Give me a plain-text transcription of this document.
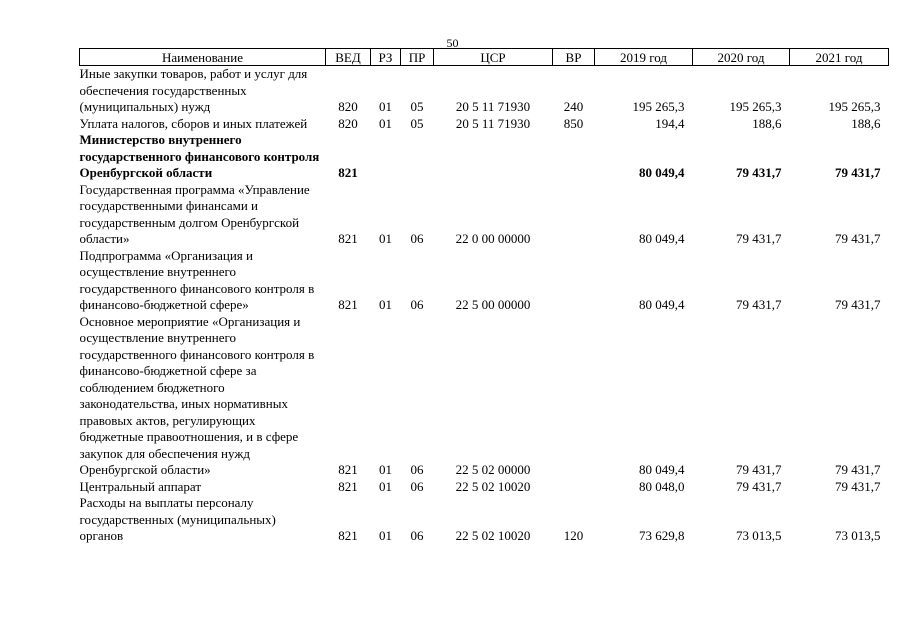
50
Наименование	ВЕД	РЗ	ПР	ЦСР	ВР	2019 год	2020 год	2021 год
Иные закупки товаров, работ и услуг для обеспечения государственных (муниципальных) нужд	820	01	05	20 5 11 71930	240	195 265,3	195 265,3	195 265,3
Уплата налогов, сборов и иных платежей	820	01	05	20 5 11 71930	850	194,4	188,6	188,6
Министерство внутреннего государственного финансового контроля Оренбургской области	821					80 049,4	79 431,7	79 431,7
Государственная программа «Управление государственными финансами и государственным долгом Оренбургской области»	821	01	06	22 0 00 00000		80 049,4	79 431,7	79 431,7
Подпрограмма «Организация и осуществление внутреннего государственного финансового контроля в финансово-бюджетной сфере»	821	01	06	22 5 00 00000		80 049,4	79 431,7	79 431,7
Основное мероприятие «Организация и осуществление внутреннего государственного финансового контроля в финансово-бюджетной сфере за соблюдением бюджетного законодательства, иных нормативных правовых актов, регулирующих бюджетные правоотношения, и в сфере закупок для обеспечения нужд Оренбургской области»	821	01	06	22 5 02 00000		80 049,4	79 431,7	79 431,7
Центральный аппарат	821	01	06	22 5 02 10020		80 048,0	79 431,7	79 431,7
Расходы на выплаты персоналу государственных (муниципальных) органов	821	01	06	22 5 02 10020	120	73 629,8	73 013,5	73 013,5
